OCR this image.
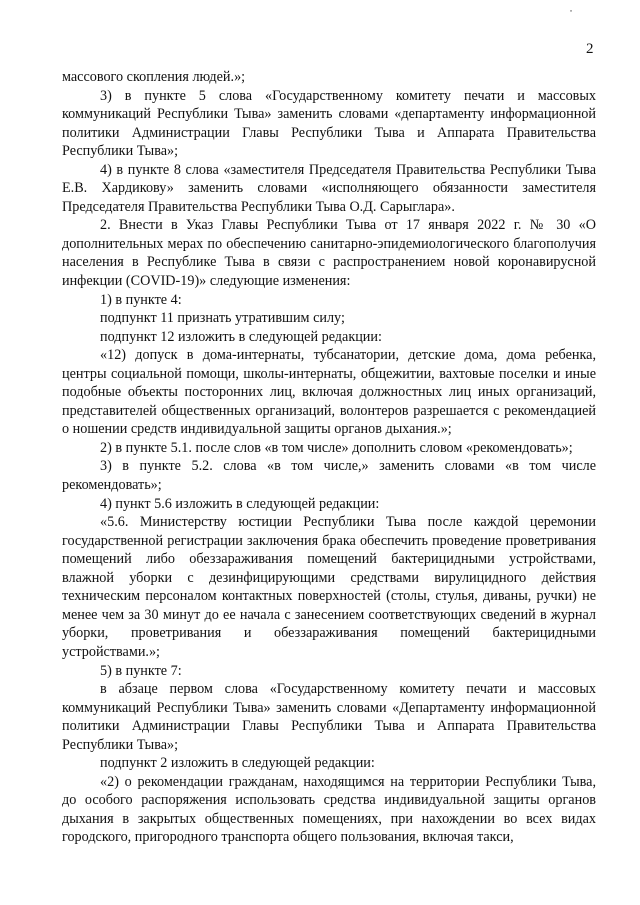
˙
2

массового скопления людей.»;

3) в пункте 5 слова «Государственному комитету печати и массовых коммуникаций Республики Тыва» заменить словами «департаменту информационной политики Администрации Главы Республики Тыва и Аппарата Правительства Республики Тыва»;

4) в пункте 8 слова «заместителя Председателя Правительства Республики Тыва Е.В. Хардикову» заменить словами «исполняющего обязанности заместителя Председателя Правительства Республики Тыва О.Д. Сарыглара».

2. Внести в Указ Главы Республики Тыва от 17 января 2022 г. № 30 «О дополнительных мерах по обеспечению санитарно-эпидемиологического благополучия населения в Республике Тыва в связи с распространением новой коронавирусной инфекции (COVID-19)» следующие изменения:

1) в пункте 4:

подпункт 11 признать утратившим силу;

подпункт 12 изложить в следующей редакции:

«12) допуск в дома-интернаты, тубсанатории, детские дома, дома ребенка, центры социальной помощи, школы-интернаты, общежитии, вахтовые поселки и иные подобные объекты посторонних лиц, включая должностных лиц иных организаций, представителей общественных организаций, волонтеров разрешается с рекомендацией о ношении средств индивидуальной защиты органов дыхания.»;

2) в пункте 5.1. после слов «в том числе» дополнить словом «рекомендовать»;

3) в пункте 5.2. слова «в том числе,» заменить словами «в том числе рекомендовать»;

4) пункт 5.6 изложить в следующей редакции:

«5.6. Министерству юстиции Республики Тыва после каждой церемонии государственной регистрации заключения брака обеспечить проведение проветривания помещений либо обеззараживания помещений бактерицидными устройствами, влажной уборки с дезинфицирующими средствами вирулицидного действия техническим персоналом контактных поверхностей (столы, стулья, диваны, ручки) не менее чем за 30 минут до ее начала с занесением соответствующих сведений в журнал уборки, проветривания и обеззараживания помещений бактерицидными устройствами.»;

5) в пункте 7:

в абзаце первом слова «Государственному комитету печати и массовых коммуникаций Республики Тыва» заменить словами «Департаменту информационной политики Администрации Главы Республики Тыва и Аппарата Правительства Республики Тыва»;

подпункт 2 изложить в следующей редакции:

«2) о рекомендации гражданам, находящимся на территории Республики Тыва, до особого распоряжения использовать средства индивидуальной защиты органов дыхания в закрытых общественных помещениях, при нахождении во всех видах городского, пригородного транспорта общего пользования, включая такси,
